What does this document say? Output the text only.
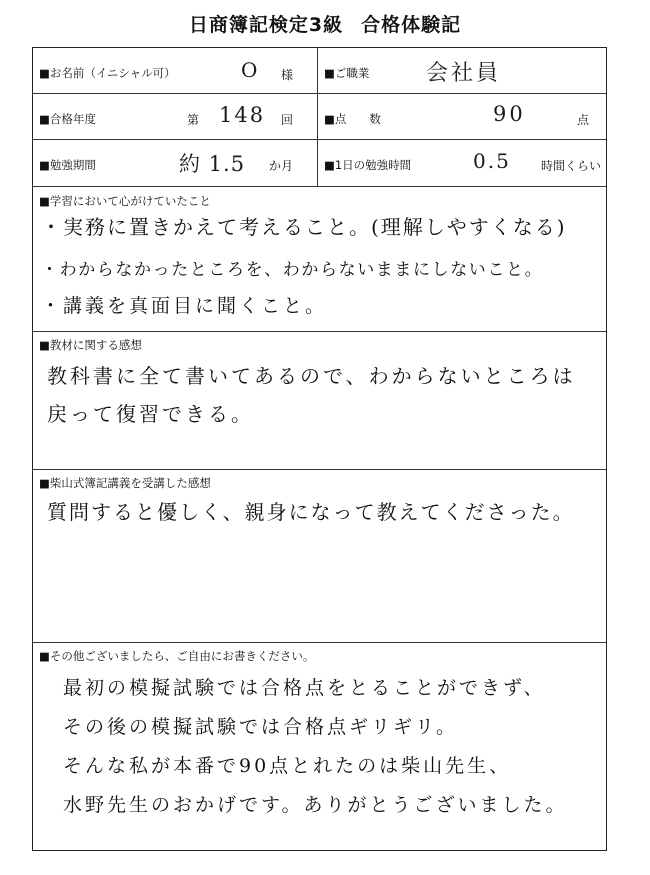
日商簿記検定3級 合格体験記
■お名前（イニシャル可）	O 様	■ご職業	会社員
■合格年度	第 148 回	■点　　数	90	点
■勉強期間	約 1.5 か月	■1日の勉強時間	0.5	時間くらい
■学習において心がけていたこと
・実務に置きかえて考えること。(理解しやすくなる)
・わからなかったところを、わからないままにしないこと。
・講義を真面目に聞くこと。
■教材に関する感想
教科書に全て書いてあるので、わからないところは
戻って復習できる。
■柴山式簿記講義を受講した感想
質問すると優しく、親身になって教えてくださった。
■その他ございましたら、ご自由にお書きください。
最初の模擬試験では合格点をとることができず、
その後の模擬試験では合格点ギリギリ。
そんな私が本番で90点とれたのは柴山先生、
水野先生のおかげです。ありがとうございました。
